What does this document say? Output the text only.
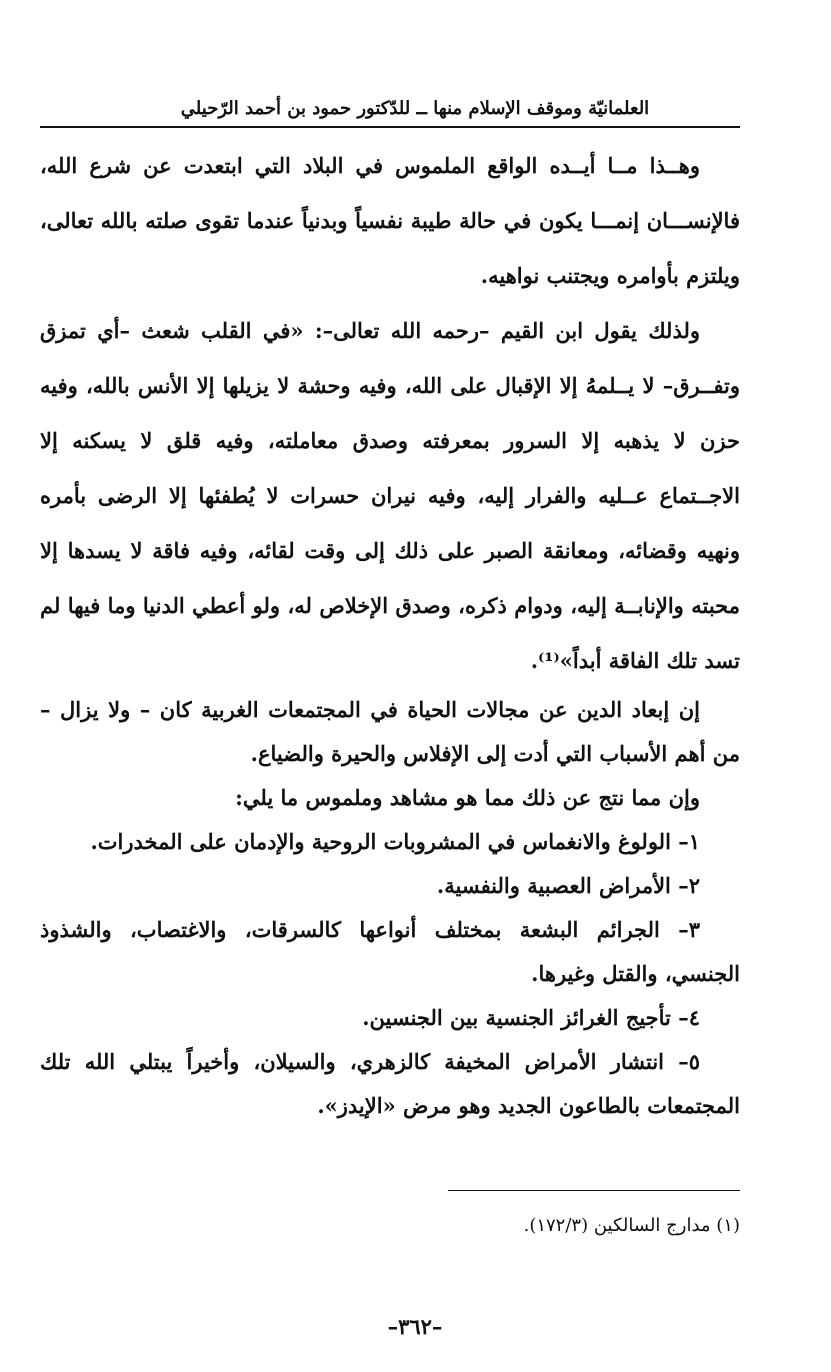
العلمانيّة وموقف الإسلام منها ــ للدّكتور حمود بن أحمد الرّحيلي

وهــذا مــا أيــده الواقع الملموس في البلاد التي ابتعدت عن شرع الله، فالإنســـان إنمـــا يكون في حالة طيبة نفسياً وبدنياً عندما تقوى صلته بالله تعالى، ويلتزم بأوامره ويجتنب نواهيه.

ولذلك يقول ابن القيم –رحمه الله تعالى–: «في القلب شعث –أي تمزق وتفــرق– لا يــلمهُ إلا الإقبال على الله، وفيه وحشة لا يزيلها إلا الأنس بالله، وفيه حزن لا يذهبه إلا السرور بمعرفته وصدق معاملته، وفيه قلق لا يسكنه إلا الاجــتماع عــليه والفرار إليه، وفيه نيران حسرات لا يُطفئها إلا الرضى بأمره ونهيه وقضائه، ومعانقة الصبر على ذلك إلى وقت لقائه، وفيه فاقة لا يسدها إلا محبته والإنابــة إليه، ودوام ذكره، وصدق الإخلاص له، ولو أعطي الدنيا وما فيها لم تسد تلك الفاقة أبداً»⁽¹⁾.

إن إبعاد الدين عن مجالات الحياة في المجتمعات الغربية كان – ولا يزال – من أهم الأسباب التي أدت إلى الإفلاس والحيرة والضياع.

وإن مما نتج عن ذلك مما هو مشاهد وملموس ما يلي:

١– الولوغ والانغماس في المشروبات الروحية والإدمان على المخدرات.

٢– الأمراض العصبية والنفسية.

٣– الجرائم البشعة بمختلف أنواعها كالسرقات، والاغتصاب، والشذوذ الجنسي، والقتل وغيرها.

٤– تأجيج الغرائز الجنسية بين الجنسين.

٥– انتشار الأمراض المخيفة كالزهري، والسيلان، وأخيراً يبتلي الله تلك المجتمعات بالطاعون الجديد وهو مرض «الإيدز».

(١) مدارج السالكين (١٧٢/٣).
–٣٦٢–
